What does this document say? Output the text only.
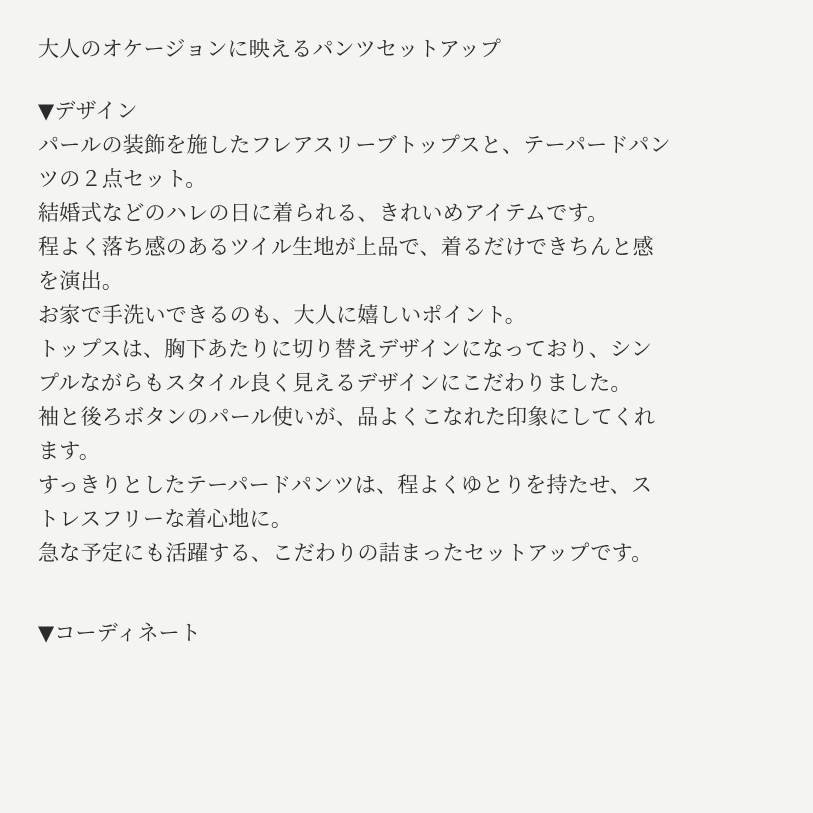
大人のオケージョンに映えるパンツセットアップ

▼デザイン

パールの装飾を施したフレアスリーブトップスと、テーパードパン

ツの２点セット。

結婚式などのハレの日に着られる、きれいめアイテムです。

程よく落ち感のあるツイル生地が上品で、着るだけできちんと感

を演出。

お家で手洗いできるのも、大人に嬉しいポイント。

トップスは、胸下あたりに切り替えデザインになっており、シン

プルながらもスタイル良く見えるデザインにこだわりました。

袖と後ろボタンのパール使いが、品よくこなれた印象にしてくれ

ます。

すっきりとしたテーパードパンツは、程よくゆとりを持たせ、ス

トレスフリーな着心地に。

急な予定にも活躍する、こだわりの詰まったセットアップです。

▼コーディネート
